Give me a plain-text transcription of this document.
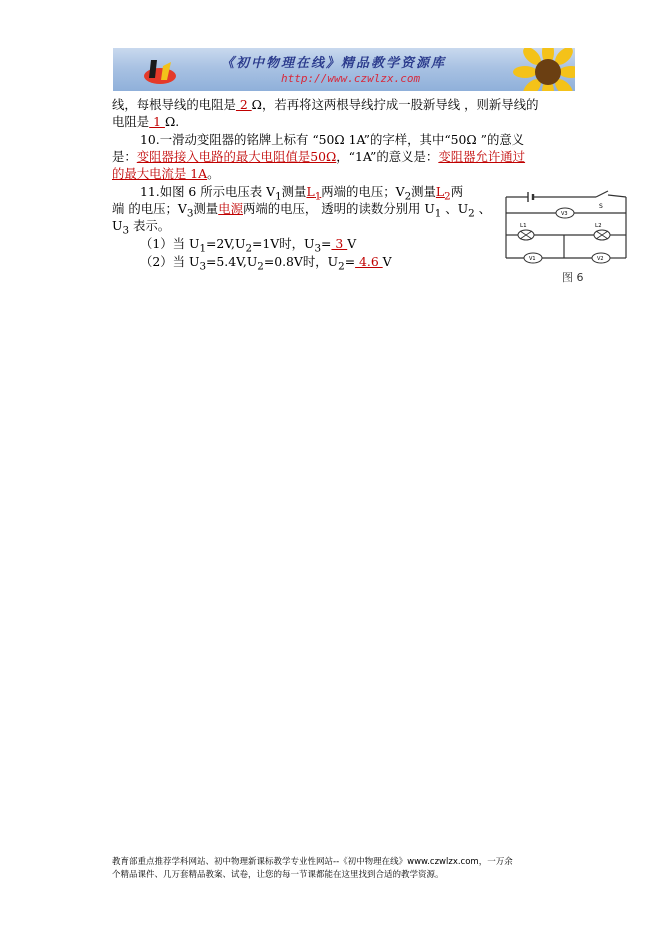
《初中物理在线》精品教学资源库
http://www.czwlzx.com
线，每根导线的电阻是 2 Ω，若再将这两根导线拧成一股新导线 ，则新导线的
电阻是 1 Ω.
10.一滑动变阻器的铭牌上标有 “50Ω 1A”的字样，其中“50Ω ”的意义
是：变阻器接入电路的最大电阻值是50Ω，“1A”的意义是：变阻器允许通过
的最大电流是 1A。
11.如图 6 所示电压表 $V_1$测量$L_1$两端的电压；$V_2$测量$L_2$两
端 的电压；$V_3$测量电源两端的电压， 透明的读数分别用 $U_1$ 、$U_2$ 、
$U_3$ 表示。
（1）当 $U_1=2V,U_2=1V$时，$U_3= 3$ V
（2）当 $U_3=5.4V,U_2=0.8V$时，$U_2= 4.6$ V
S
V3
L1	L2
V1	V2
图 6
教育部重点推荐学科网站、初中物理新课标教学专业性网站--《初中物理在线》www.czwlzx.com，一万余
个精品课件、几万套精品教案、试卷，让您的每一节课都能在这里找到合适的教学资源。
